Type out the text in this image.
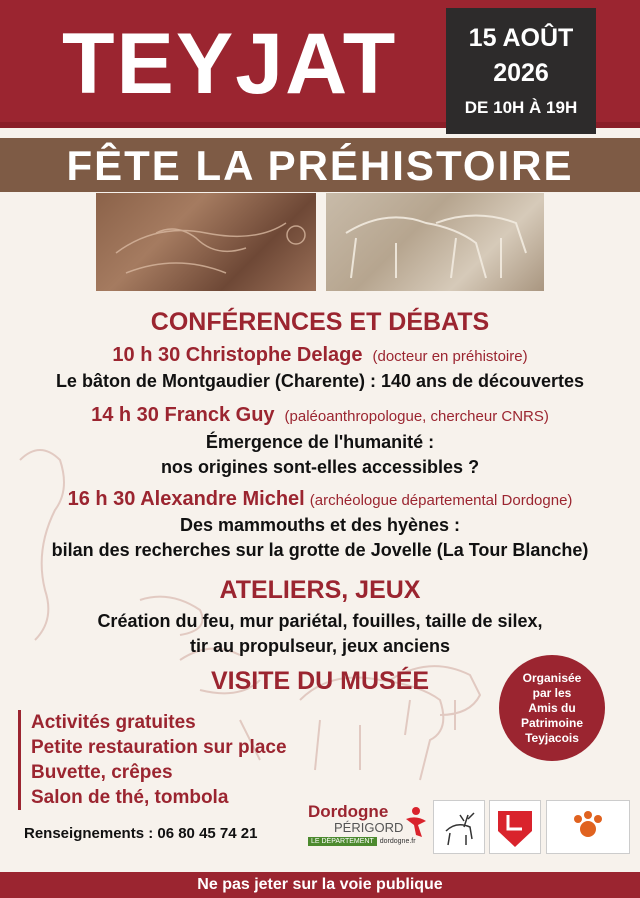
TEYJAT	15 AOÛT
2026
DE 10H À 19H
FÊTE LA PRÉHISTOIRE
CONFÉRENCES ET DÉBATS
10 h 30 Christophe Delage (docteur en préhistoire)
Le bâton de Montgaudier (Charente) : 140 ans de découvertes
14 h 30 Franck Guy (paléoanthropologue, chercheur CNRS)
Émergence de l'humanité :
nos origines sont-elles accessibles ?
16 h 30 Alexandre Michel (archéologue départemental Dordogne)
Des mammouths et des hyènes :
bilan des recherches sur la grotte de Jovelle (La Tour Blanche)
ATELIERS, JEUX
Création du feu, mur pariétal, fouilles, taille de silex,
tir au propulseur, jeux anciens
VISITE DU MUSÉE
Activités gratuites
Petite restauration sur place
Buvette, crêpes
Salon de thé, tombola
Organisée
par les
Amis du
Patrimoine
Teyjacois
Renseignements : 06 80 45 74 21
Dordogne
PÉRIGORD
LE DÉPARTEMENT dordogne.fr
Ne pas jeter sur la voie publique
